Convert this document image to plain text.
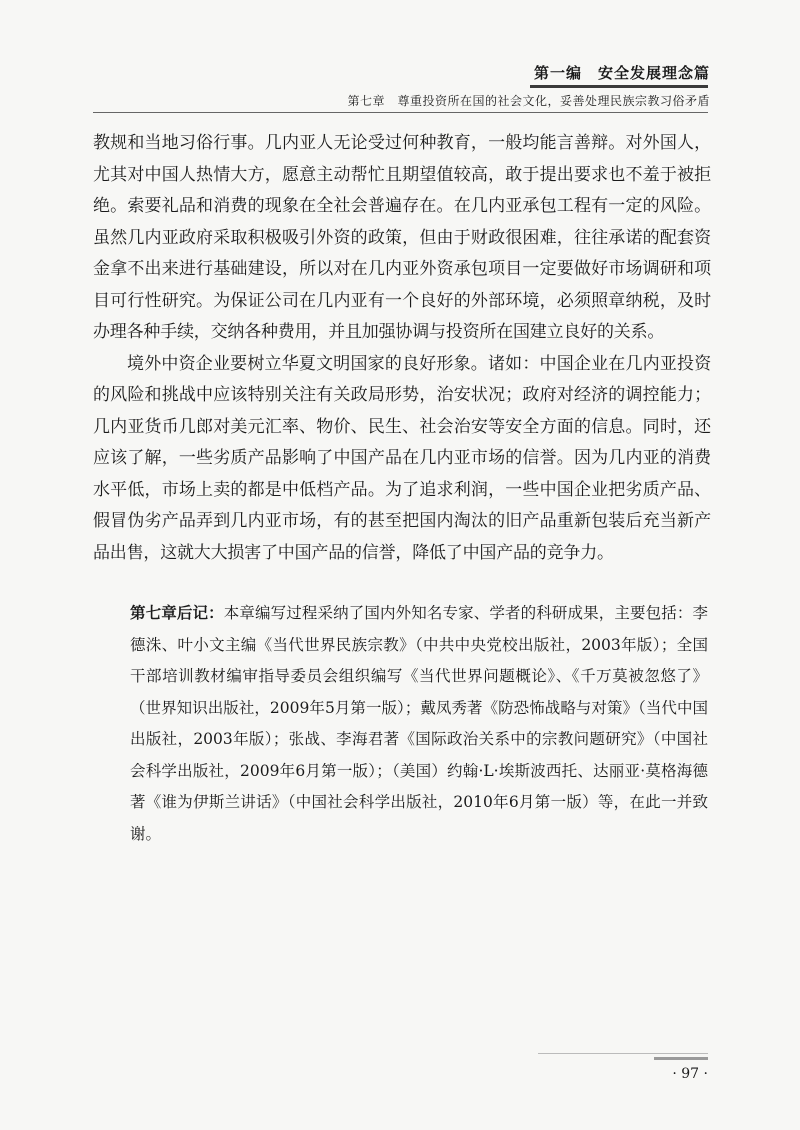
第一编　安全发展理念篇
第七章　尊重投资所在国的社会文化，妥善处理民族宗教习俗矛盾

教规和当地习俗行事。几内亚人无论受过何种教育，一般均能言善辩。对外国人，尤其对中国人热情大方，愿意主动帮忙且期望值较高，敢于提出要求也不羞于被拒绝。索要礼品和消费的现象在全社会普遍存在。在几内亚承包工程有一定的风险。虽然几内亚政府采取积极吸引外资的政策，但由于财政很困难，往往承诺的配套资金拿不出来进行基础建设，所以对在几内亚外资承包项目一定要做好市场调研和项目可行性研究。为保证公司在几内亚有一个良好的外部环境，必须照章纳税，及时办理各种手续，交纳各种费用，并且加强协调与投资所在国建立良好的关系。

境外中资企业要树立华夏文明国家的良好形象。诸如：中国企业在几内亚投资的风险和挑战中应该特别关注有关政局形势，治安状况；政府对经济的调控能力；几内亚货币几郎对美元汇率、物价、民生、社会治安等安全方面的信息。同时，还应该了解，一些劣质产品影响了中国产品在几内亚市场的信誉。因为几内亚的消费水平低，市场上卖的都是中低档产品。为了追求利润，一些中国企业把劣质产品、假冒伪劣产品弄到几内亚市场，有的甚至把国内淘汰的旧产品重新包装后充当新产品出售，这就大大损害了中国产品的信誉，降低了中国产品的竞争力。

第七章后记：本章编写过程采纳了国内外知名专家、学者的科研成果，主要包括：李德洙、叶小文主编《当代世界民族宗教》（中共中央党校出版社，2003年版）；全国干部培训教材编审指导委员会组织编写《当代世界问题概论》、《千万莫被忽悠了》（世界知识出版社，2009年5月第一版）；戴凤秀著《防恐怖战略与对策》（当代中国出版社，2003年版）；张战、李海君著《国际政治关系中的宗教问题研究》（中国社会科学出版社，2009年6月第一版）；（美国）约翰·L·埃斯波西托、达丽亚·莫格海德著《谁为伊斯兰讲话》（中国社会科学出版社，2010年6月第一版）等，在此一并致谢。
· 97 ·
